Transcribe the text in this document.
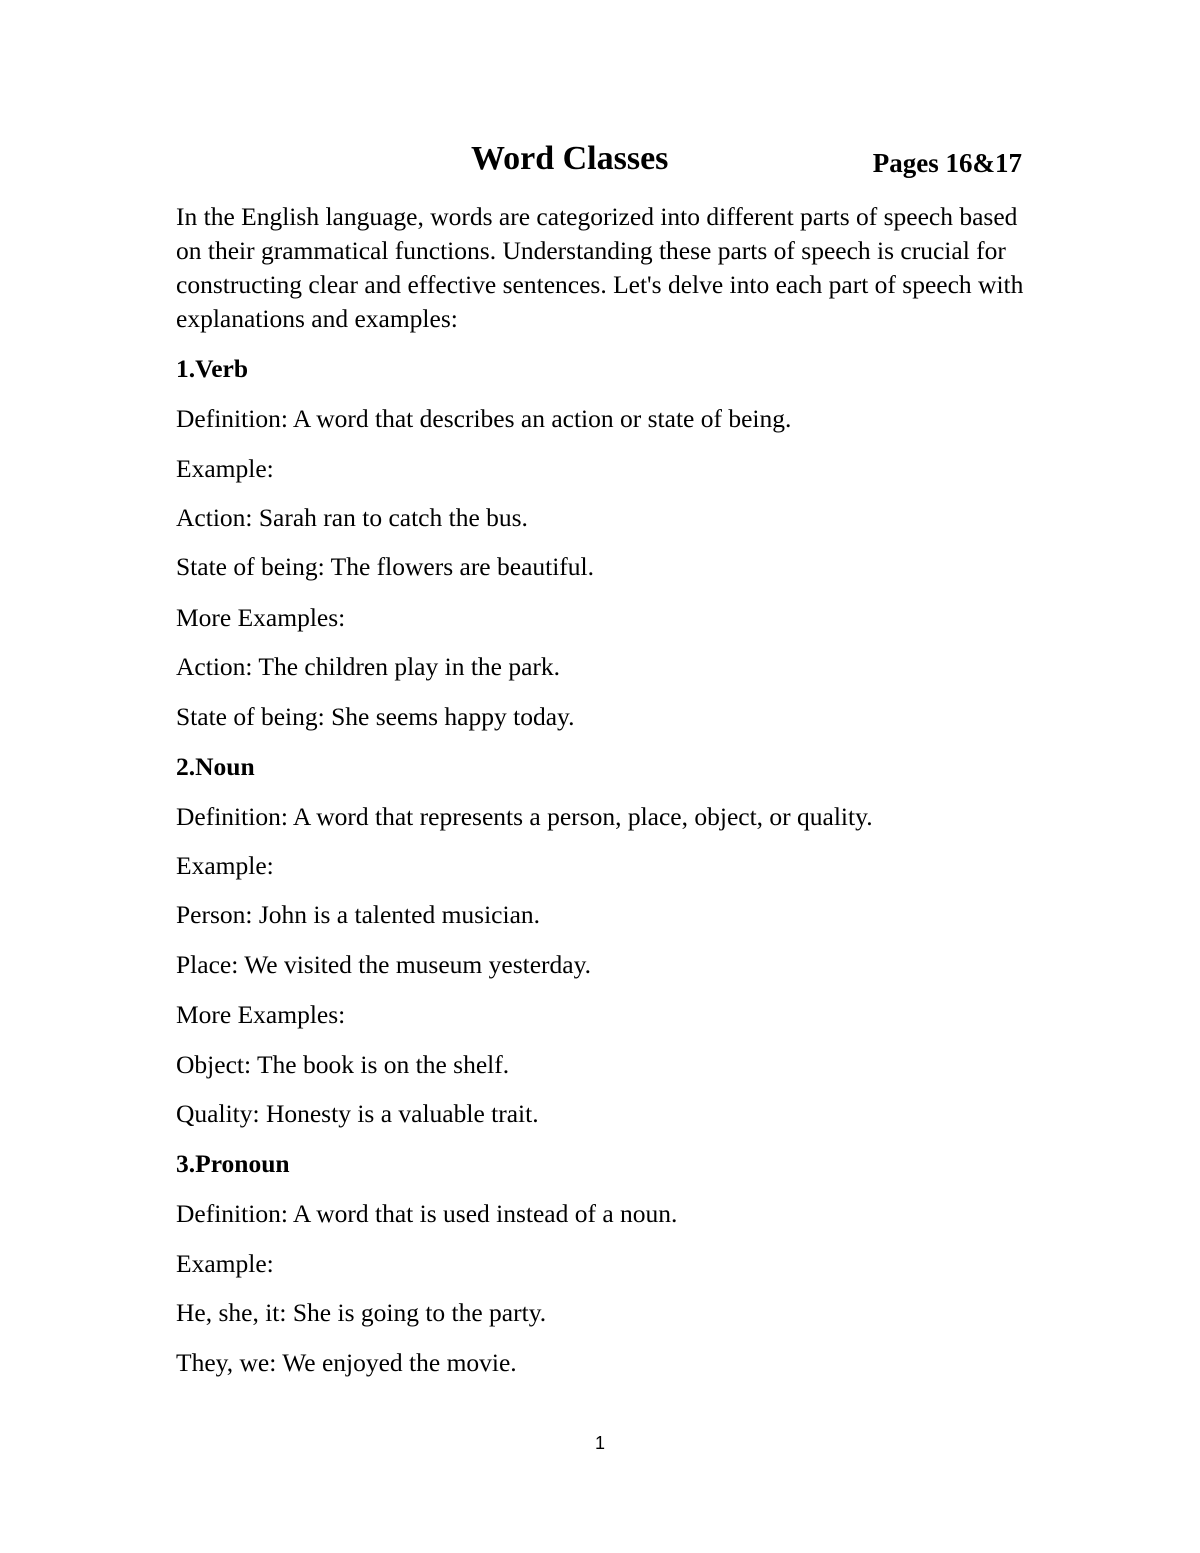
Word Classes	Pages 16&17

In the English language, words are categorized into different parts of speech based on their grammatical functions. Understanding these parts of speech is crucial for constructing clear and effective sentences. Let's delve into each part of speech with explanations and examples:

1.Verb

Definition: A word that describes an action or state of being.

Example:

Action: Sarah ran to catch the bus.

State of being: The flowers are beautiful.

More Examples:

Action: The children play in the park.

State of being: She seems happy today.

2.Noun

Definition: A word that represents a person, place, object, or quality.

Example:

Person: John is a talented musician.

Place: We visited the museum yesterday.

More Examples:

Object: The book is on the shelf.

Quality: Honesty is a valuable trait.

3.Pronoun

Definition: A word that is used instead of a noun.

Example:

He, she, it: She is going to the party.

They, we: We enjoyed the movie.

1
